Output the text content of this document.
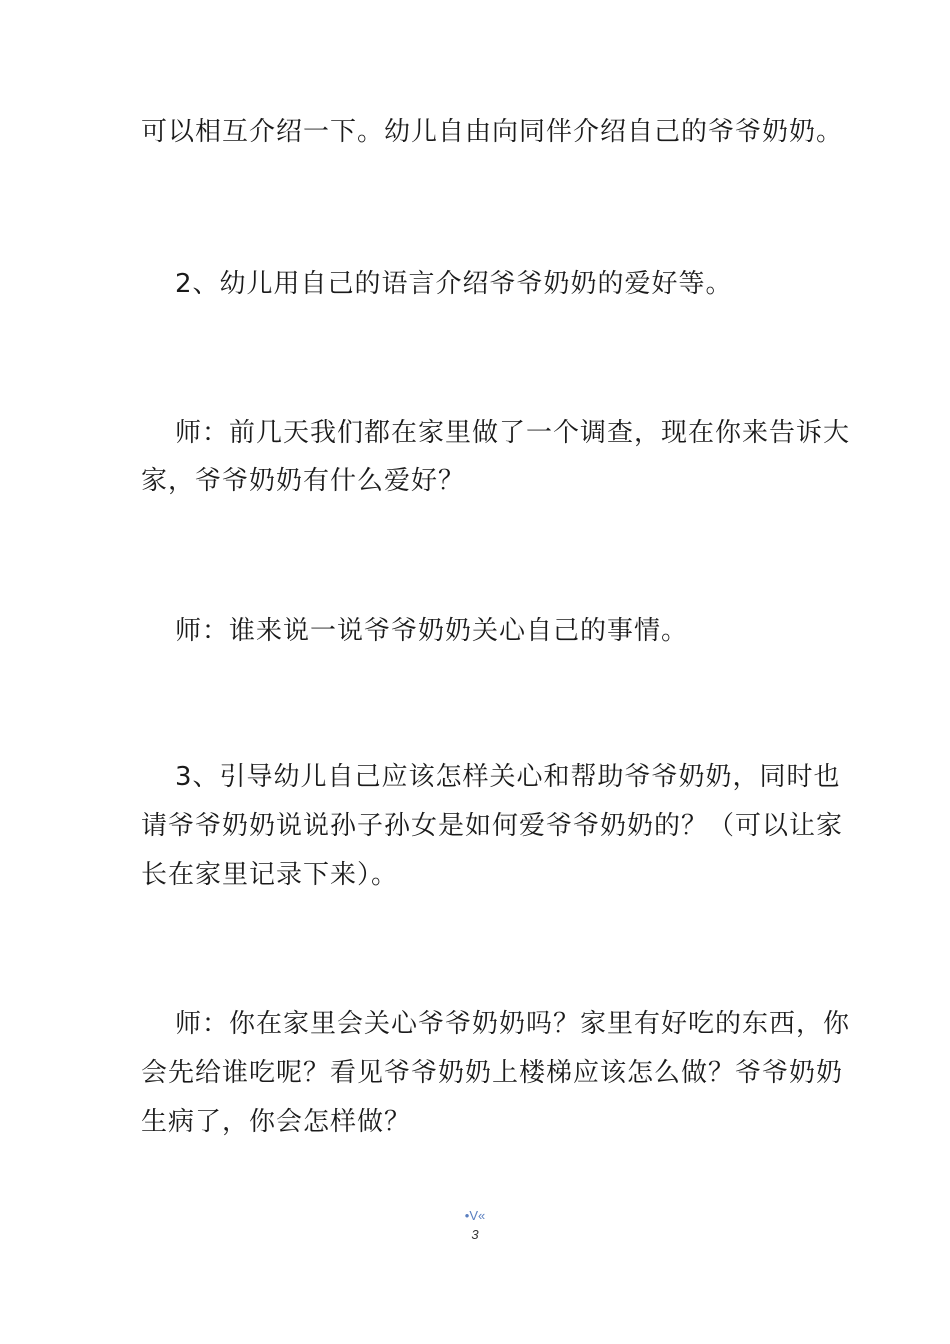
可以相互介绍一下。幼儿自由向同伴介绍自己的爷爷奶奶。
2、幼儿用自己的语言介绍爷爷奶奶的爱好等。
师：前几天我们都在家里做了一个调查，现在你来告诉大
家，爷爷奶奶有什么爱好？
师：谁来说一说爷爷奶奶关心自己的事情。
3、引导幼儿自己应该怎样关心和帮助爷爷奶奶，同时也
请爷爷奶奶说说孙子孙女是如何爱爷爷奶奶的？（可以让家
长在家里记录下来）。
师：你在家里会关心爷爷奶奶吗？家里有好吃的东西，你
会先给谁吃呢？看见爷爷奶奶上楼梯应该怎么做？爷爷奶奶
生病了，你会怎样做？
•V«
3
